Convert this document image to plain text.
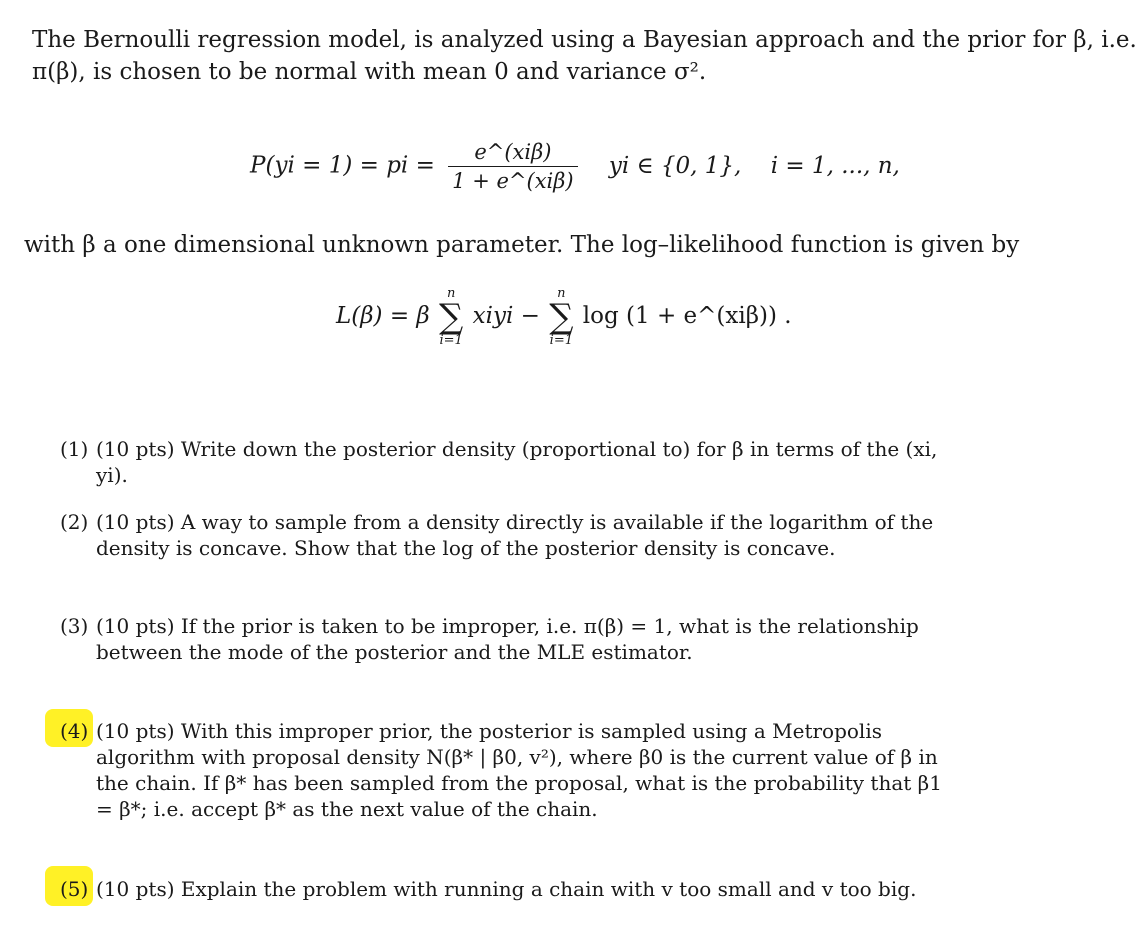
The Bernoulli regression model, is analyzed using a Bayesian approach and the prior for β, i.e.
π(β), is chosen to be normal with mean 0 and variance σ².
P(yi = 1) = pi = $\frac{\text{e\textasciicircum{}(xiβ)}}{\text{1 + e\textasciicircum{}(xiβ)}}$ yi ∈ {0, 1}, i = 1, ..., n,
with β a one dimensional unknown parameter. The log–likelihood function is given by
L(β) = β
n
∑
i=1
xiyi −
n
∑
i=1
log (1 + e^(xiβ)) .
(1) (10 pts) Write down the posterior density (proportional to) for β in terms of the (xi, yi).
(2) (10 pts) A way to sample from a density directly is available if the logarithm of the density is concave. Show that the log of the posterior density is concave.
(3) (10 pts) If the prior is taken to be improper, i.e. π(β) = 1, what is the relationship between the mode of the posterior and the MLE estimator.
(4) (10 pts) With this improper prior, the posterior is sampled using a Metropolis algorithm with proposal density N(β* | β0, v²), where β0 is the current value of β in the chain. If β* has been sampled from the proposal, what is the probability that β1 = β*; i.e. accept β* as the next value of the chain.
(5) (10 pts) Explain the problem with running a chain with v too small and v too big.
